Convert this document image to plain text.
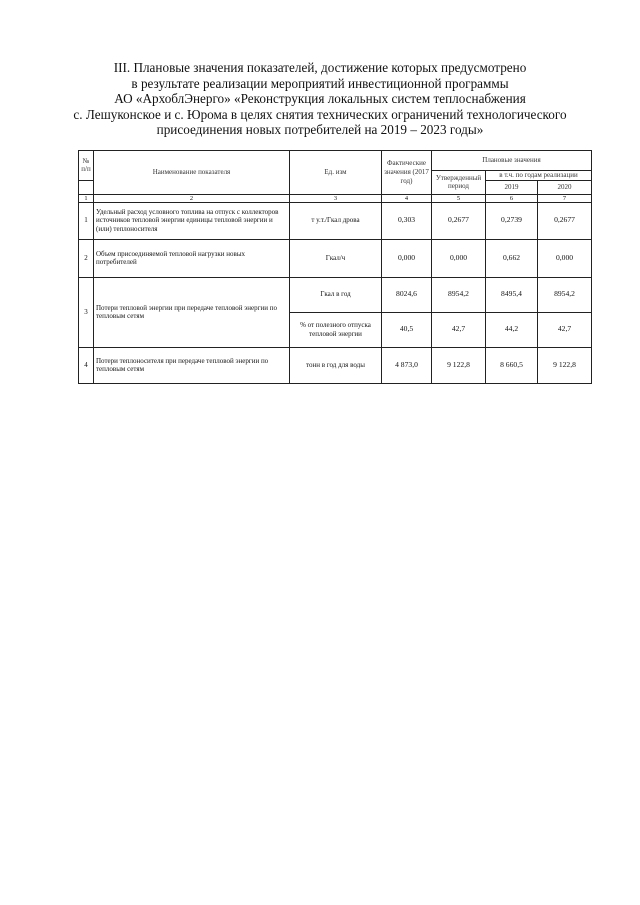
III. Плановые значения показателей, достижение которых предусмотрено
в результате реализации мероприятий инвестиционной программы
АО «АрхоблЭнерго» «Реконструкция локальных систем теплоснабжения
с. Лешуконское и с. Юрома в целях снятия технических ограничений технологического
присоединения новых потребителей на 2019 – 2023 годы»
№ п/п	Наименование показателя	Ед. изм	Фактические значения (2017 год)	Плановые значения		
				Утвержденный период	в т.ч. по годам реализации	
					2019	2020
1	2	3	4	5	6	7
1	Удельный расход условного топлива на отпуск с коллекторов источников тепловой энергии единицы тепловой энергии и (или) теплоносителя	т у.т./Гкал дрова	0,303	0,2677	0,2739	0,2677
2	Объем присоединяемой тепловой нагрузки новых потребителей	Гкал/ч	0,000	0,000	0,662	0,000
3	Потери тепловой энергии при передаче тепловой энергии по тепловым сетям	Гкал в год	8024,6	8954,2	8495,4	8954,2
		% от полезного отпуска тепловой энергии	40,5	42,7	44,2	42,7
4	Потери теплоносителя при передаче тепловой энергии по тепловым сетям	тонн в год для воды	4 873,0	9 122,8	8 660,5	9 122,8
